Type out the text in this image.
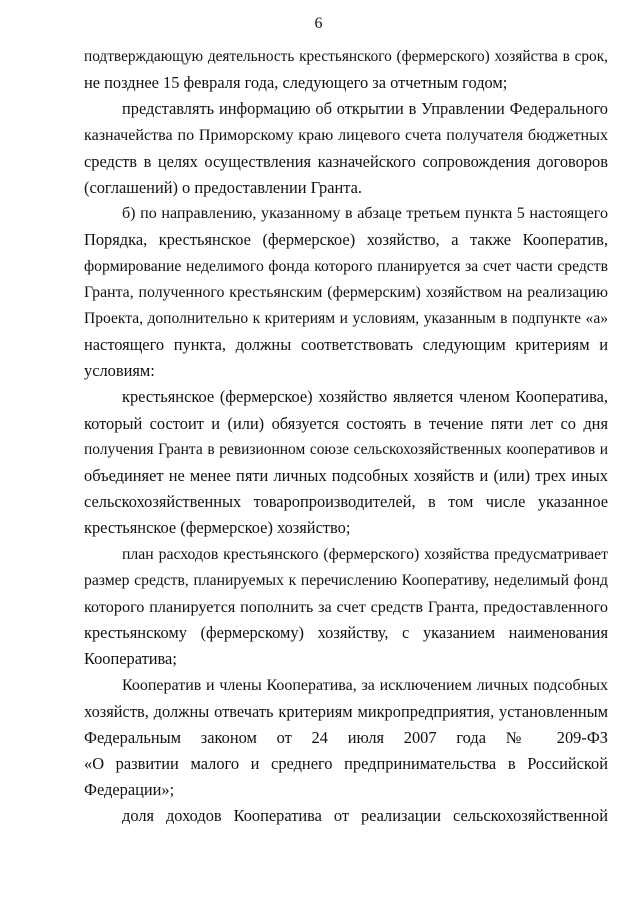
6
подтверждающую деятельность крестьянского (фермерского) хозяйства в срок,
не позднее 15 февраля года, следующего за отчетным годом;
представлять информацию об открытии в Управлении Федерального
казначейства по Приморскому краю лицевого счета получателя бюджетных
средств в целях осуществления казначейского сопровождения договоров
(соглашений) о предоставлении Гранта.
б) по направлению, указанному в абзаце третьем пункта 5 настоящего
Порядка, крестьянское (фермерское) хозяйство, а также Кооператив,
формирование неделимого фонда которого планируется за счет части средств
Гранта, полученного крестьянским (фермерским) хозяйством на реализацию
Проекта, дополнительно к критериям и условиям, указанным в подпункте «а»
настоящего пункта, должны соответствовать следующим критериям и
условиям:
крестьянское (фермерское) хозяйство является членом Кооператива,
который состоит и (или) обязуется состоять в течение пяти лет со дня
получения Гранта в ревизионном союзе сельскохозяйственных кооперативов и
объединяет не менее пяти личных подсобных хозяйств и (или) трех иных
сельскохозяйственных товаропроизводителей, в том числе указанное
крестьянское (фермерское) хозяйство;
план расходов крестьянского (фермерского) хозяйства предусматривает
размер средств, планируемых к перечислению Кооперативу, неделимый фонд
которого планируется пополнить за счет средств Гранта, предоставленного
крестьянскому (фермерскому) хозяйству, с указанием наименования
Кооператива;
Кооператив и члены Кооператива, за исключением личных подсобных
хозяйств, должны отвечать критериям микропредприятия, установленным
Федеральным законом от 24 июля 2007 года № 209-ФЗ
«О развитии малого и среднего предпринимательства в Российской
Федерации»;
доля доходов Кооператива от реализации сельскохозяйственной
